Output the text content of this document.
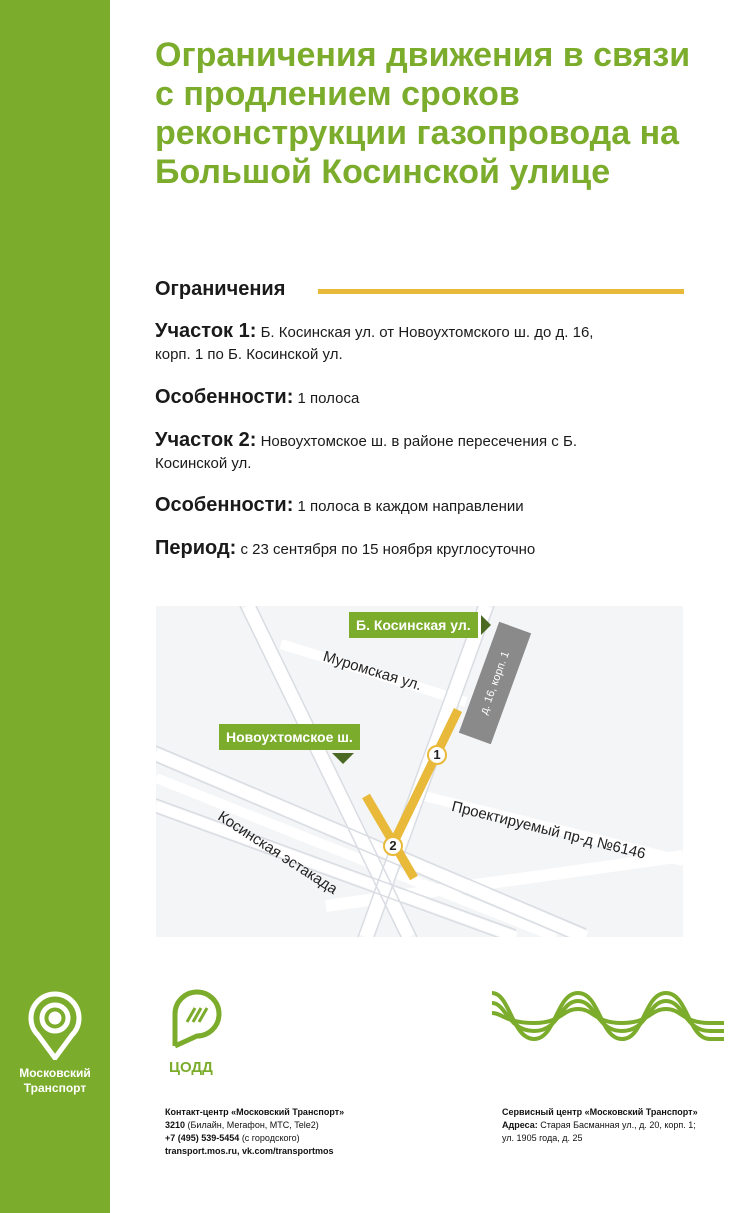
Московский
Транспорт
Ограничения движения в связи с продлением сроков реконструкции газопровода на Большой Косинской улице
Ограничения
Участок 1: Б. Косинская ул. от Новоухтомского ш. до д. 16, корп. 1 по Б. Косинской ул.
Особенности: 1 полоса
Участок 2: Новоухтомское ш. в районе пересечения с Б. Косинской ул.
Особенности: 1 полоса в каждом направлении
Период: с 23 сентября по 15 ноября круглосуточно
д. 16, корп. 1
Б. Косинская ул.
Новоухтомское ш.
Муромская ул.
Проектируемый пр-д №6146
Косинская эстакада
1
2
ЦОДД
Контакт-центр «Московский Транспорт»
3210 (Билайн, Мегафон, МТС, Tele2)
+7 (495) 539-5454 (с городского)
transport.mos.ru, vk.com/transportmos
Сервисный центр «Московский Транспорт»
Адреса: Старая Басманная ул., д. 20, корп. 1;
ул. 1905 года, д. 25
